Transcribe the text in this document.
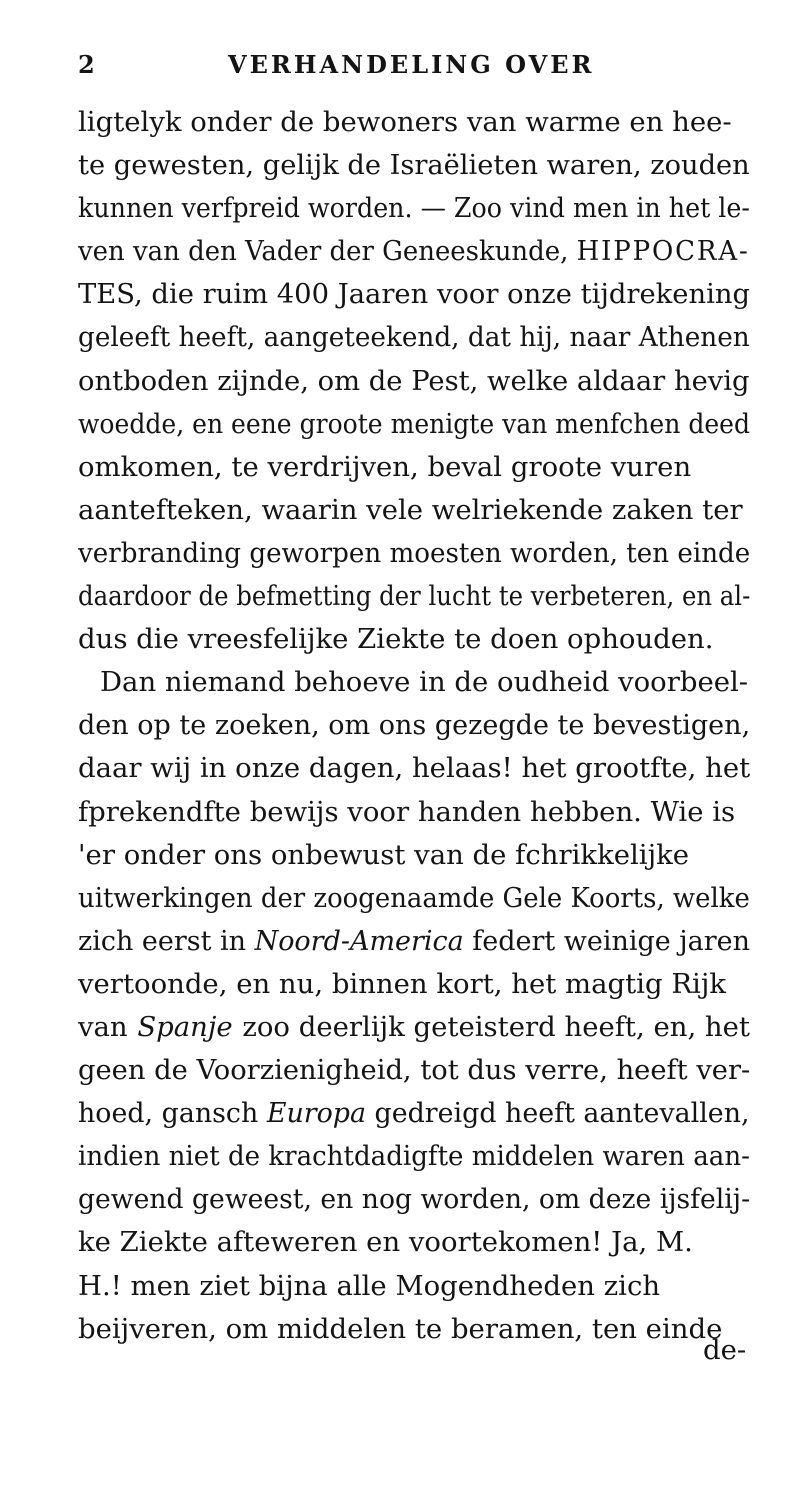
2	VERHANDELING OVER
ligtelyk onder de bewoners van warme en hee-
te gewesten, gelijk de Israëlieten waren, zouden
kunnen verfpreid worden. — Zoo vind men in het le-
ven van den Vader der Geneeskunde,
HIPPOCRA-
TES, die ruim 400 Jaaren voor onze tijdrekening
geleeft heeft, aangeteekend, dat hij, naar Athenen
ontboden zijnde, om de Pest, welke aldaar hevig
woedde, en eene groote menigte van menfchen deed
omkomen, te verdrijven, beval groote vuren
aantefteken, waarin vele welriekende zaken ter
verbranding geworpen moesten worden, ten einde
daardoor de befmetting der lucht te verbeteren, en al-
dus die vreesfelijke Ziekte te doen ophouden.
Dan niemand behoeve in de oudheid voorbeel-
den op te zoeken, om ons gezegde te bevestigen,
daar wij in onze dagen, helaas! het grootfte, het
fprekendfte bewijs voor handen hebben. Wie is
'er onder ons onbewust van de fchrikkelijke
uitwerkingen der zoogenaamde Gele Koorts, welke
zich eerst in
Noord-America
federt weinige jaren
vertoonde, en nu, binnen kort, het magtig Rijk
van
Spanje
zoo deerlijk geteisterd heeft, en, het
geen de Voorzienigheid, tot dus verre, heeft ver-
hoed, gansch
Europa
gedreigd heeft aantevallen,
indien niet de krachtdadigfte middelen waren aan-
gewend geweest, en nog worden, om deze ijsfelij-
ke Ziekte afteweren en voortekomen! Ja, M.
H.! men ziet bijna alle Mogendheden zich
beijveren, om middelen te beramen, ten einde
de-
